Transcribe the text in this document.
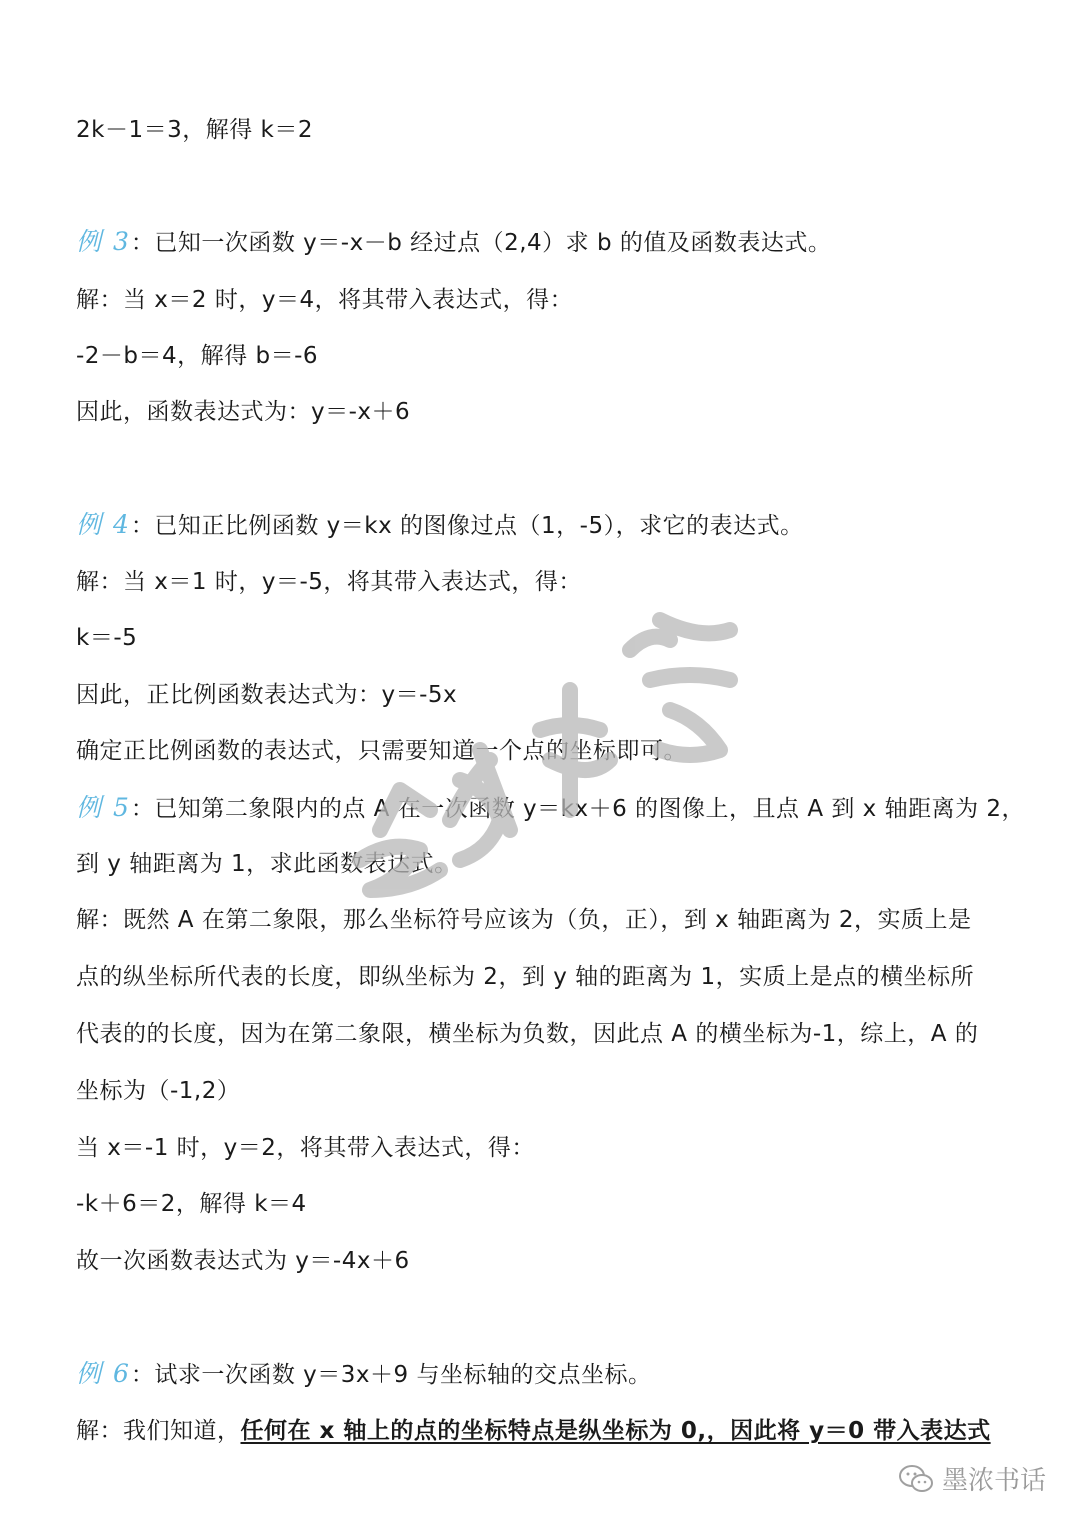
2k－1＝3，解得 k＝2
例 3：已知一次函数 y＝-x－b 经过点（2,4）求 b 的值及函数表达式。
解：当 x＝2 时，y＝4，将其带入表达式，得：
-2－b＝4，解得 b＝-6
因此，函数表达式为：y＝-x＋6
例 4：已知正比例函数 y＝kx 的图像过点（1，-5），求它的表达式。
解：当 x＝1 时，y＝-5，将其带入表达式，得：
k＝-5
因此，正比例函数表达式为：y＝-5x
确定正比例函数的表达式，只需要知道一个点的坐标即可。
例 5：已知第二象限内的点 A 在一次函数 y＝kx＋6 的图像上，且点 A 到 x 轴距离为 2，
到 y 轴距离为 1，求此函数表达式。
解：既然 A 在第二象限，那么坐标符号应该为（负，正），到 x 轴距离为 2，实质上是
点的纵坐标所代表的长度，即纵坐标为 2，到 y 轴的距离为 1，实质上是点的横坐标所
代表的的长度，因为在第二象限，横坐标为负数，因此点 A 的横坐标为-1，综上，A 的
坐标为（-1,2）
当 x＝-1 时，y＝2，将其带入表达式，得：
-k＋6＝2，解得 k＝4
故一次函数表达式为 y＝-4x＋6
例 6：试求一次函数 y＝3x＋9 与坐标轴的交点坐标。
解：我们知道，任何在 x 轴上的点的坐标特点是纵坐标为 0,，因此将 y＝0 带入表达式
墨浓书话
